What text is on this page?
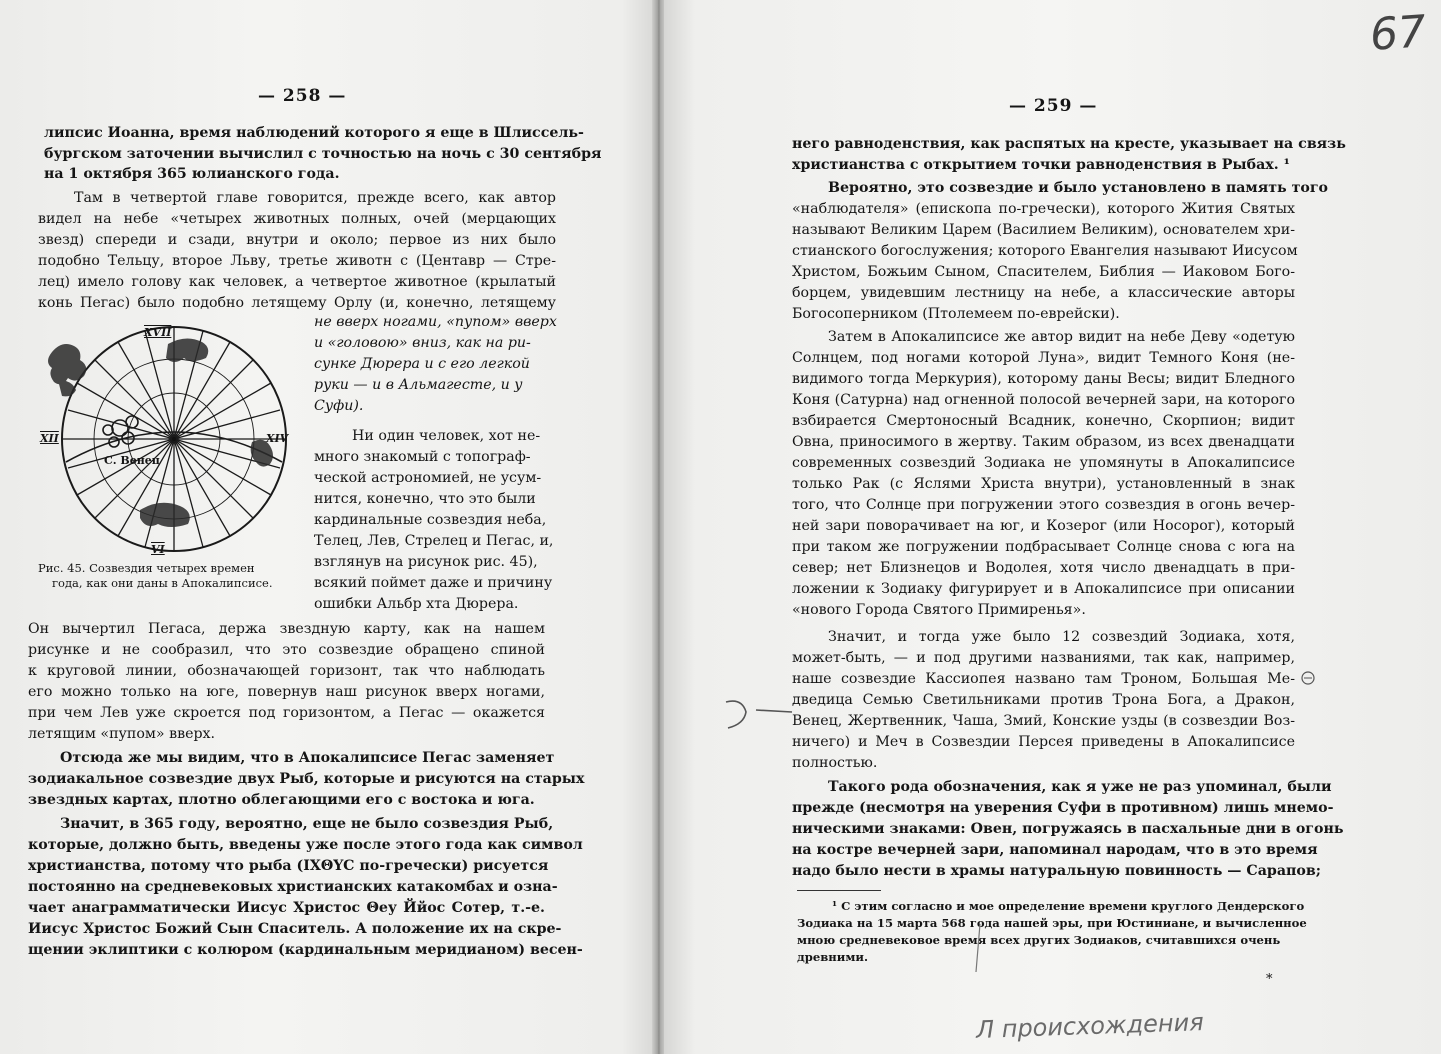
— 258 —
липсис Иоанна, время наблюдений которого я еще в Шлиссель-
бургском заточении вычислил с точностью на ночь с 30 сентября
на 1 октября 365 юлианского года.
Там в четвертой главе говорится, прежде всего, как автор
видел на небе «четырех животных полных, очей (мерцающих
звезд) спереди и сзади, внутри и около; первое из них было
подобно Тельцу, второе Льву, третье животн с (Центавр — Стре-
лец) имело голову как человек, а четвертое животное (крылатый
конь Пегас) было подобно летящему Орлу (и, конечно, летящему
XVII
XIV
XII
VI
С. Венец
не вверх ногами, «пупом» вверх
и «головою» вниз, как на ри-
сунке Дюрера и с его легкой
руки — и в Альмагесте, и у
Суфи).
Ни один человек, хот не-
много знакомый с топограф-
ческой астрономией, не усум-
нится, конечно, что это были
кардинальные созвездия неба,
Телец, Лев, Стрелец и Пегас, и,
взглянув на рисунок рис. 45),
всякий поймет даже и причину
ошибки Альбр хта Дюрера.
Рис. 45. Созвездия четырех времен
года, как они даны в Апокалипсисе.
Он вычертил Пегаса, держа звездную карту, как на нашем
рисунке и не сообразил, что это созвездие обращено спиной
к круговой линии, обозначающей горизонт, так что наблюдать
его можно только на юге, повернув наш рисунок вверх ногами,
при чем Лев уже скроется под горизонтом, а Пегас — окажется
летящим «пупом» вверх.
Отсюда же мы видим, что в Апокалипсисе Пегас заменяет
зодиакальное созвездие двух Рыб, которые и рисуются на старых
звездных картах, плотно облегающими его с востока и юга.
Значит, в 365 году, вероятно, еще не было созвездия Рыб,
которые, должно быть, введены уже после этого года как символ
христианства, потому что рыба (IXΘYC по-гречески) рисуется
постоянно на средневековых христианских катакомбах и озна-
чает анаграмматически Иисус Христос Θеу Ййос Сотер, т.-е.
Иисус Христос Божий Сын Спаситель. А положение их на скре-
щении эклиптики с колюром (кардинальным меридианом) весен-
— 259 —
него равноденствия, как распятых на кресте, указывает на связь
христианства с открытием точки равноденствия в Рыбах. ¹
Вероятно, это созвездие и было установлено в память того
«наблюдателя» (епископа по-гречески), которого Жития Святых
называют Великим Царем (Василием Великим), основателем хри-
стианского богослужения; которого Евангелия называют Иисусом
Христом, Божьим Сыном, Спасителем, Библия — Иаковом Бого-
борцем, увидевшим лестницу на небе, а классические авторы
Богосоперником (Птолемеем по-еврейски).
Затем в Апокалипсисе же автор видит на небе Деву «одетую
Солнцем, под ногами которой Луна», видит Темного Коня (не-
видимого тогда Меркурия), которому даны Весы; видит Бледного
Коня (Сатурна) над огненной полосой вечерней зари, на которого
взбирается Смертоносный Всадник, конечно, Скорпион; видит
Овна, приносимого в жертву. Таким образом, из всех двенадцати
современных созвездий Зодиака не упомянуты в Апокалипсисе
только Рак (с Яслями Христа внутри), установленный в знак
того, что Солнце при погружении этого созвездия в огонь вечер-
ней зари поворачивает на юг, и Козерог (или Носорог), который
при таком же погружении подбрасывает Солнце снова с юга на
север; нет Близнецов и Водолея, хотя число двенадцать в при-
ложении к Зодиаку фигурирует и в Апокалипсисе при описании
«нового Города Святого Примиренья».
Значит, и тогда уже было 12 созвездий Зодиака, хотя,
может-быть, — и под другими названиями, так как, например,
наше созвездие Кассиопея названо там Троном, Большая Ме-
дведица Семью Светильниками против Трона Бога, а Дракон,
Венец, Жертвенник, Чаша, Змий, Конские узды (в созвездии Воз-
ничего) и Меч в Созвездии Персея приведены в Апокалипсисе
полностью.
Такого рода обозначения, как я уже не раз упоминал, были
прежде (несмотря на уверения Суфи в противном) лишь мнемо-
ническими знаками: Овен, погружаясь в пасхальные дни в огонь
на костре вечерней зари, напоминал народам, что в это время
надо было нести в храмы натуральную повинность — Сарапов;
¹ С этим согласно и мое определение времени круглого Дендерского
Зодиака на 15 марта 568 года нашей эры, при Юстиниане, и вычисленное
мною средневековое время всех других Зодиаков, считавшихся очень
древними.
*
67
Л происхождения
